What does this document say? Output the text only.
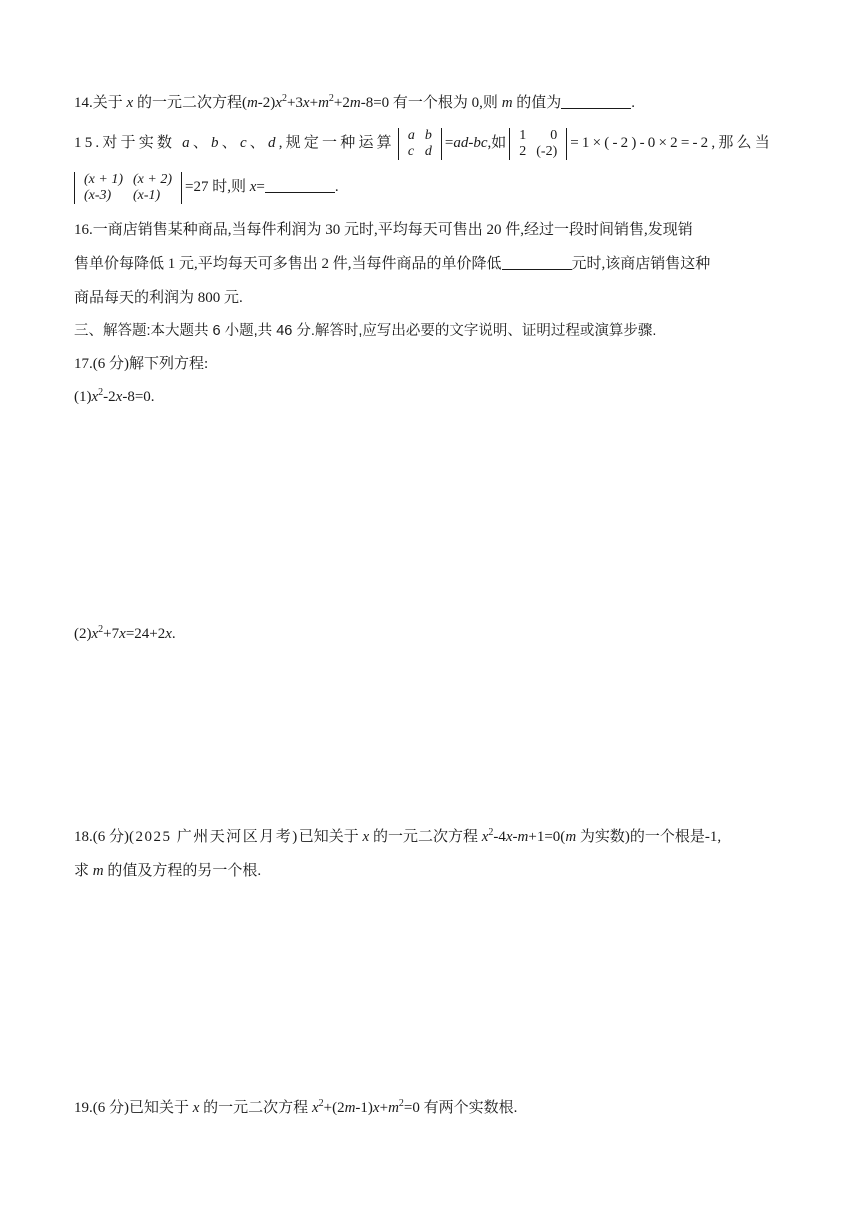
14.关于 x 的一元二次方程$(m-2)x^2+3x+m^2+2m-8=0$ 有一个根为 0,则 m 的值为	.
15.对于实数 a、b、c、d,规定一种运算 a	b
c	d
=ad-bc,如 1	0
2	(-2)
=1×(-2)-0×2=-2,那么当
(x + 1)	(x + 2)
(x-3)	(x-1)
=27 时,则 x=	.
16.一商店销售某种商品,当每件利润为 30 元时,平均每天可售出 20 件,经过一段时间销售,发现销
售单价每降低 1 元,平均每天可多售出 2 件,当每件商品的单价降低	元时,该商店销售这种
商品每天的利润为 800 元.
三、解答题:本大题共 6 小题,共 46 分.解答时,应写出必要的文字说明、证明过程或演算步骤.
17.(6 分)解下列方程:
$(1)x^2-2x-8=0$.
$(2)x^2+7x=24+2x$.
18.(6 分)(2025 广州天河区月考)已知关于 x 的一元二次方程 $x^2-4x-m+1=0(m$ 为实数)的一个根是-1,
求 m 的值及方程的另一个根.
19.(6 分)已知关于 x 的一元二次方程 $x^2+(2m-1)x+m^2=0$ 有两个实数根.
